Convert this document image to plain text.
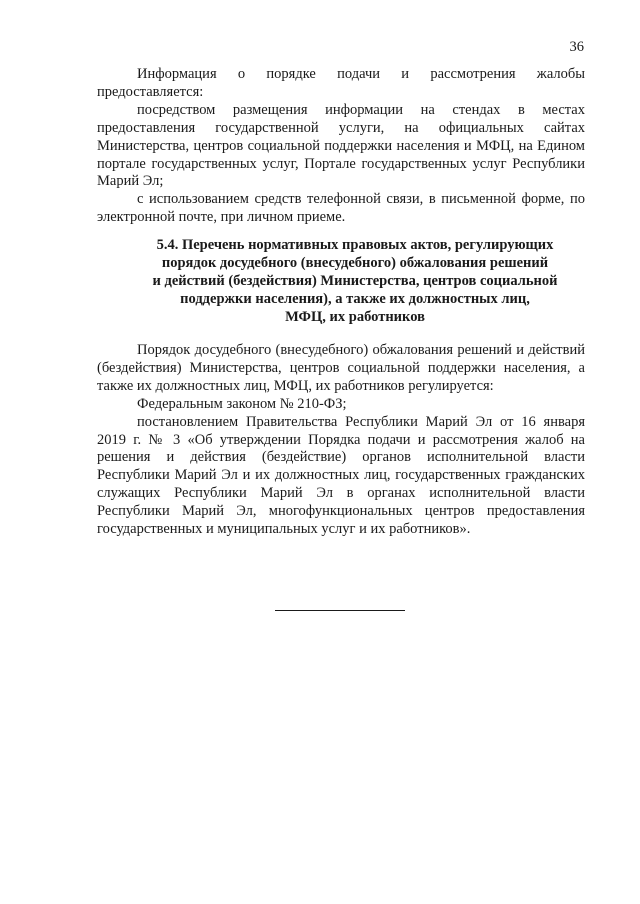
36

Информация о порядке подачи и рассмотрения жалобы предоставляется:

посредством размещения информации на стендах в местах предоставления государственной услуги, на официальных сайтах Министерства, центров социальной поддержки населения и МФЦ, на Едином портале государственных услуг, Портале государственных услуг Республики Марий Эл;

с использованием средств телефонной связи, в письменной форме, по электронной почте, при личном приеме.

5.4. Перечень нормативных правовых актов, регулирующих
порядок досудебного (внесудебного) обжалования решений
и действий (бездействия) Министерства, центров социальной
поддержки населения), а также их должностных лиц,
МФЦ, их работников

Порядок досудебного (внесудебного) обжалования решений и действий (бездействия) Министерства, центров социальной поддержки населения, а также их должностных лиц, МФЦ, их работников регулируется:

Федеральным законом № 210-ФЗ;

постановлением Правительства Республики Марий Эл от 16 января 2019 г. № 3 «Об утверждении Порядка подачи и рассмотрения жалоб на решения и действия (бездействие) органов исполнительной власти Республики Марий Эл и их должностных лиц, государственных гражданских служащих Республики Марий Эл в органах исполнительной власти Республики Марий Эл, многофункциональных центров предоставления государственных и муниципальных услуг и их работников».
